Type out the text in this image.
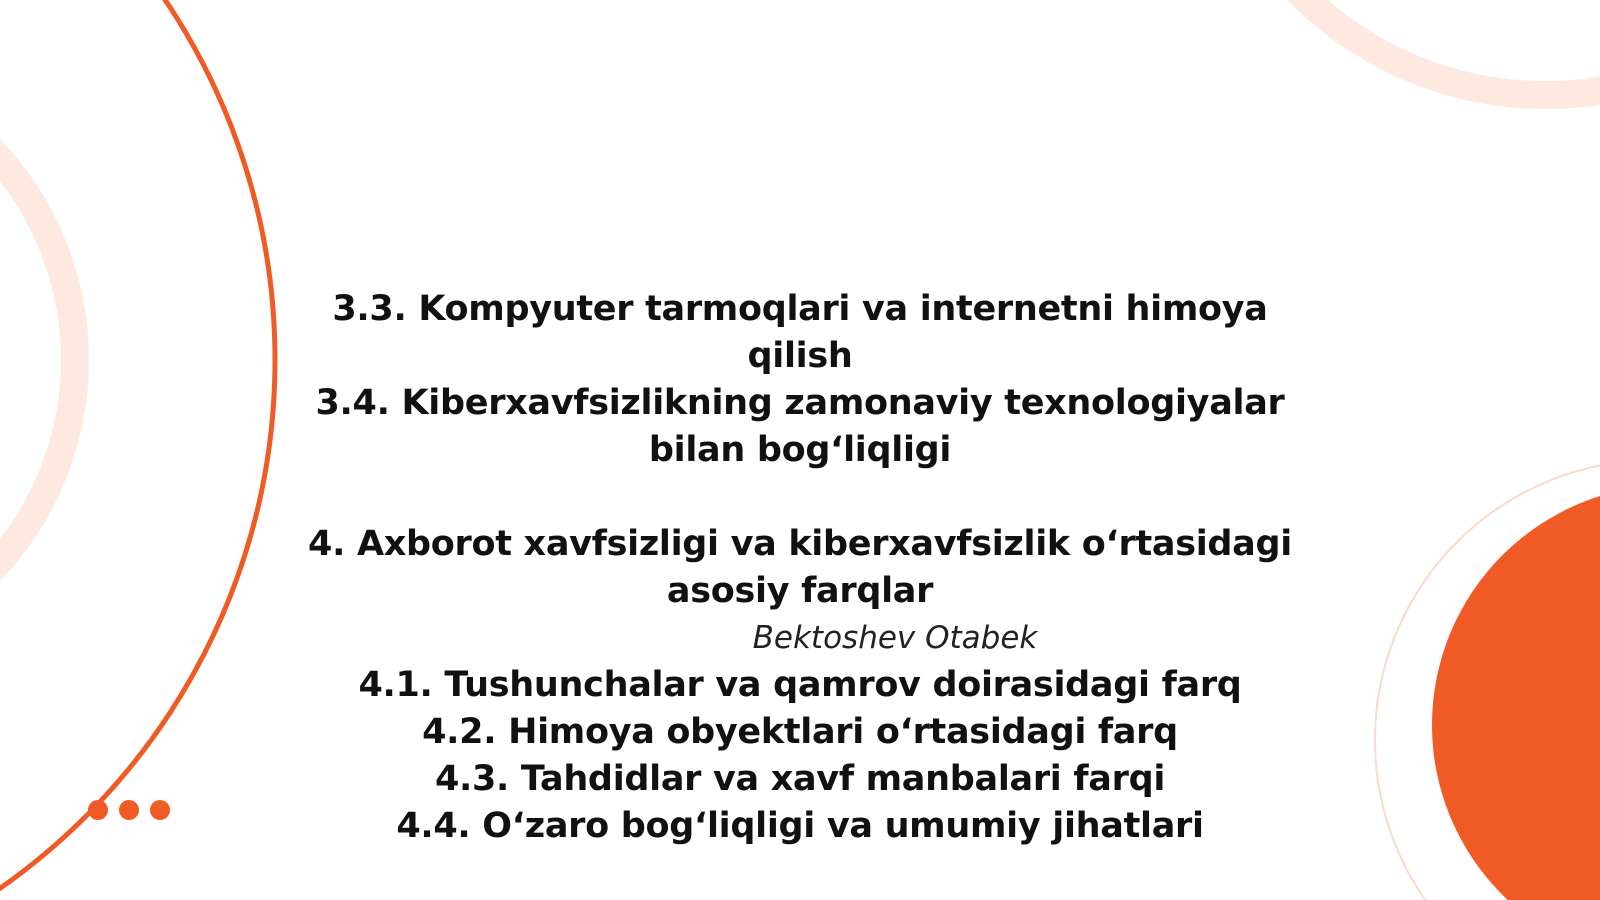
3.3. Kompyuter tarmoqlari va internetni himoya qilish

3.4. Kiberxavfsizlikning zamonaviy texnologiyalar bilan bog‘liqligi

4. Axborot xavfsizligi va kiberxavfsizlik o‘rtasidagi asosiy farqlar

Bektoshev Otabek

4.1. Tushunchalar va qamrov doirasidagi farq

4.2. Himoya obyektlari o‘rtasidagi farq

4.3. Tahdidlar va xavf manbalari farqi

4.4. O‘zaro bog‘liqligi va umumiy jihatlari
